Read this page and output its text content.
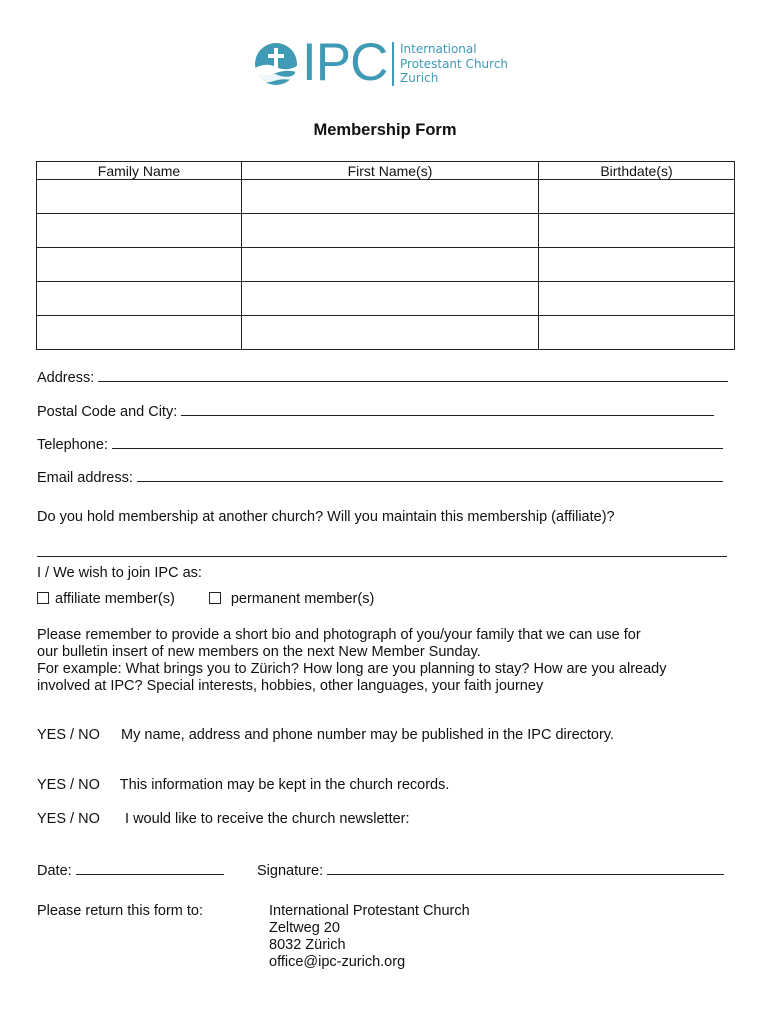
IPC International
Protestant Church
Zurich
Membership Form
Family Name	First Name(s)	Birthdate(s)

Address:
Postal Code and City:
Telephone:
Email address:
Do you hold membership at another church? Will you maintain this membership (affiliate)?
I / We wish to join IPC as:
affiliate member(s)	permanent member(s)
Please remember to provide a short bio and photograph of you/your family that we can use for
our bulletin insert of new members on the next New Member Sunday.
For example: What brings you to Zürich? How long are you planning to stay? How are you already
involved at IPC? Special interests, hobbies, other languages, your faith journey
YES / NO My name, address and phone number may be published in the IPC directory.
YES / NO This information may be kept in the church records.
YES / NO I would like to receive the church newsletter:
Date:	Signature:
Please return this form to:	International Protestant Church
Zeltweg 20
8032 Zürich
office@ipc-zurich.org
